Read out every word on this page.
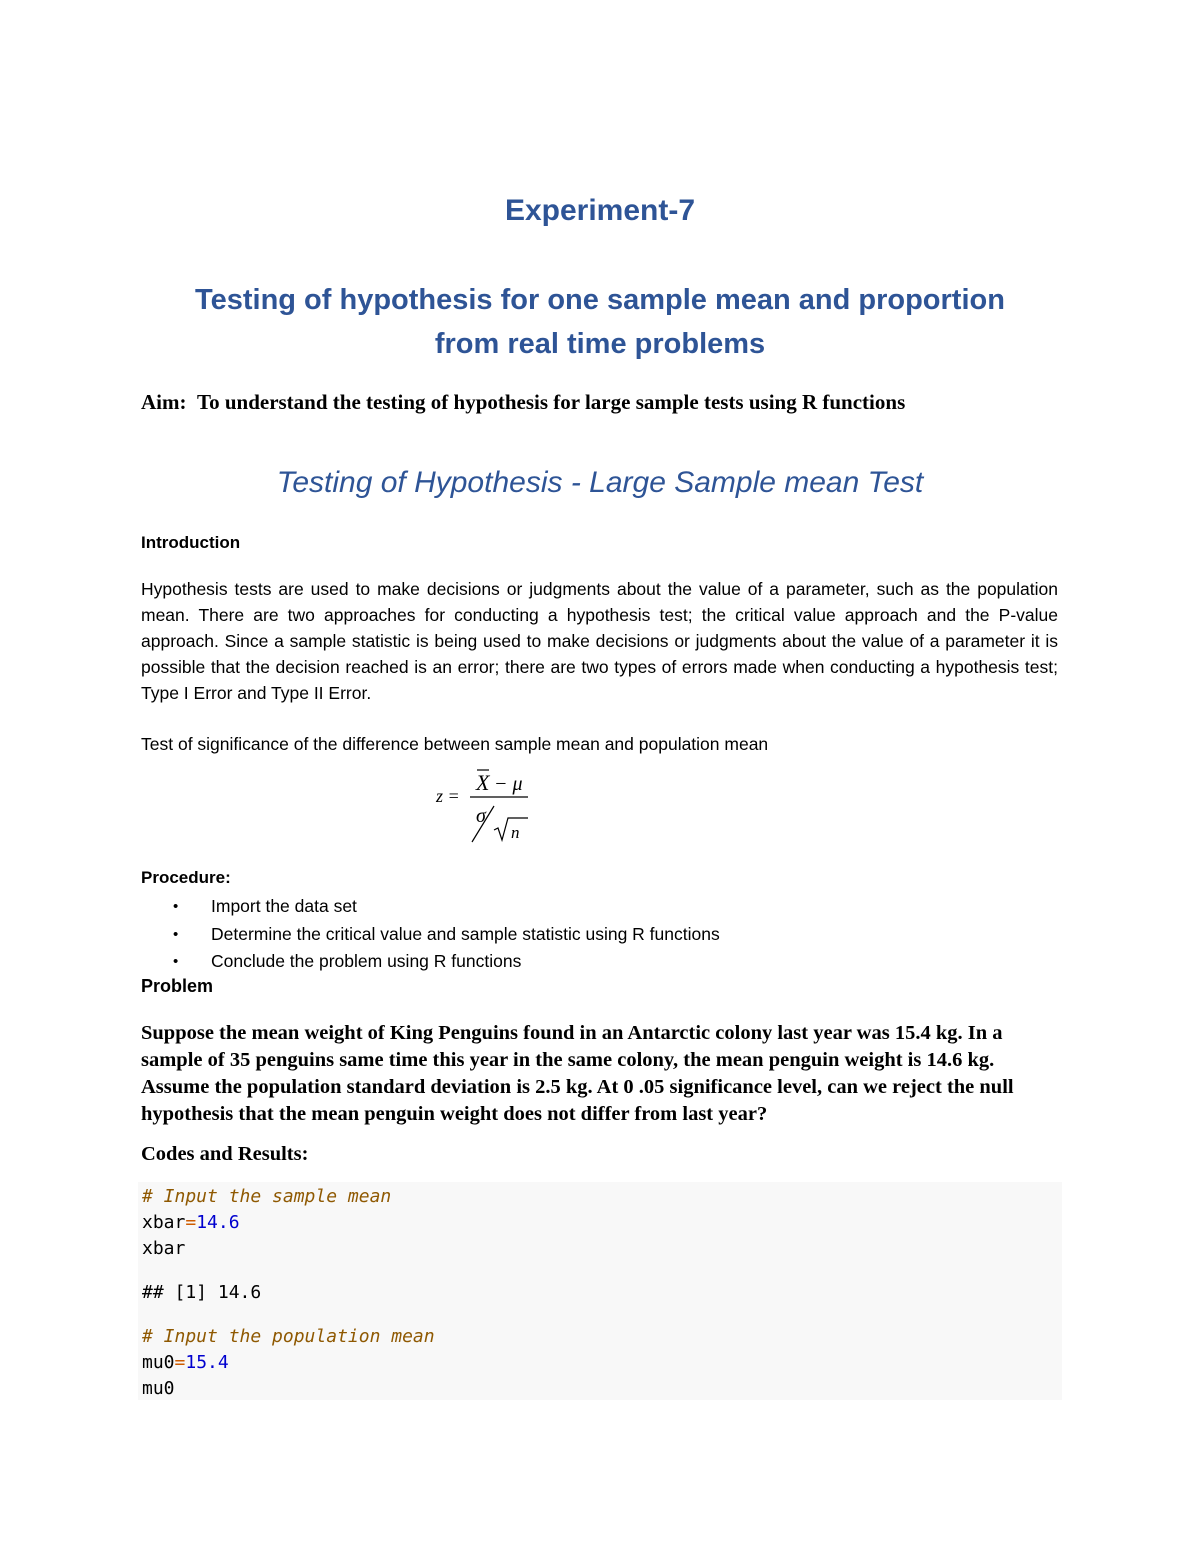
Experiment-7
Testing of hypothesis for one sample mean and proportion
from real time problems
Aim: To understand the testing of hypothesis for large sample tests using R functions
Testing of Hypothesis - Large Sample mean Test
Introduction
Hypothesis tests are used to make decisions or judgments about the value of a parameter, such as the population mean. There are two approaches for conducting a hypothesis test; the critical value approach and the P-value approach. Since a sample statistic is being used to make decisions or judgments about the value of a parameter it is possible that the decision reached is an error; there are two types of errors made when conducting a hypothesis test; Type I Error and Type II Error.
Test of significance of the difference between sample mean and population mean
z =
X − μ
σ
n
Procedure:
• Import the data set
• Determine the critical value and sample statistic using R functions
• Conclude the problem using R functions
Problem
Suppose the mean weight of King Penguins found in an Antarctic colony last year was 15.4 kg. In a sample of 35 penguins same time this year in the same colony, the mean penguin weight is 14.6 kg. Assume the population standard deviation is 2.5 kg. At 0 .05 significance level, can we reject the null hypothesis that the mean penguin weight does not differ from last year?
Codes and Results:
# Input the sample mean
xbar=14.6
xbar
## [1] 14.6
# Input the population mean
mu0=15.4
mu0
